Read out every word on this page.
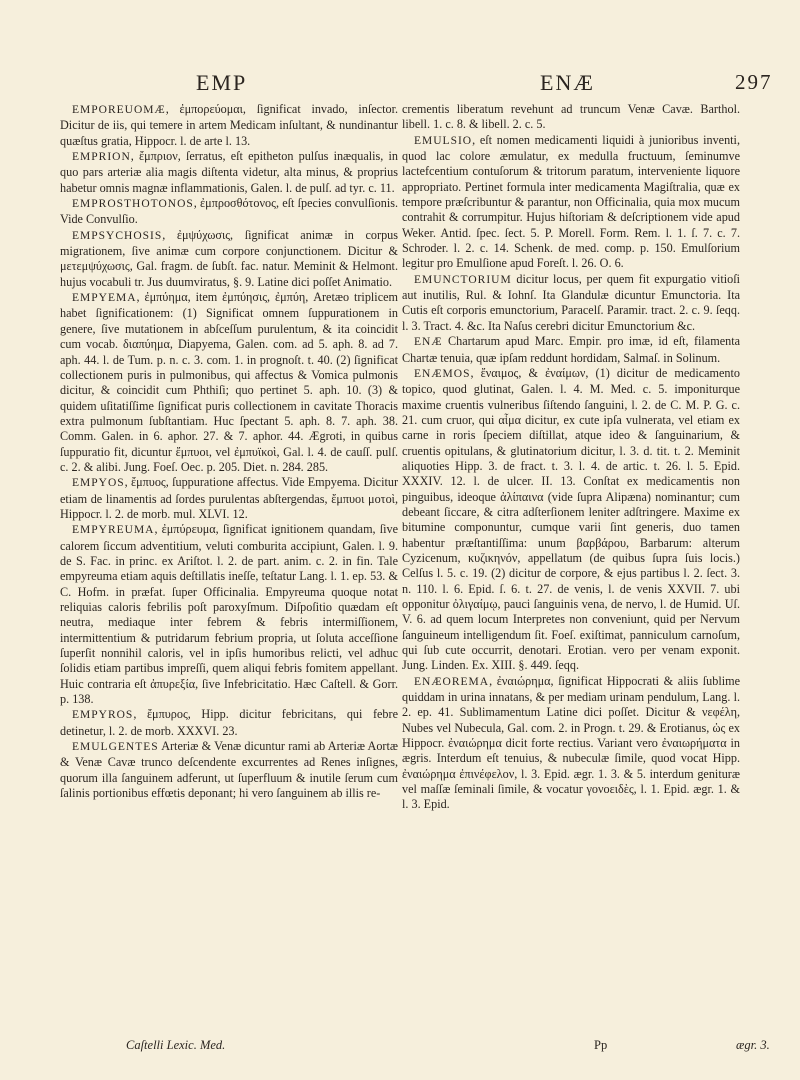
EMP	ENÆ	297

EMPOREUOMÆ, ἐμπορεύομαι, ſignificat invado, inſector. Dicitur de iis, qui temere in artem Medicam inſultant, & nundinantur quæſtus gratia, Hippocr. l. de arte l. 13.

EMPRION, ἔμπριον, ſerratus, eſt epitheton pulſus inæqualis, in quo pars arteriæ alia magis diſtenta videtur, alta minus, & proprius habetur omnis magnæ inflammationis, Galen. l. de pulſ. ad tyr. c. 11.

EMPROSTHOTONOS, ἐμπροσθότονος, eſt ſpecies convulſionis. Vide Convulſio.

EMPSYCHOSIS, ἐμψύχωσις, ſignificat animæ in corpus migrationem, ſive animæ cum corpore conjunctionem. Dicitur & μετεμψύχωσις, Gal. fragm. de ſubſt. fac. natur. Meminit & Helmont. hujus vocabuli tr. Jus duumviratus, §. 9. Latine dici poſſet Animatio.

EMPYEMA, ἐμπύημα, item ἐμπύησις, ἐμπύη, Aretæo triplicem habet ſignificationem: (1) Significat omnem ſuppurationem in genere, ſive mutationem in abſceſſum purulentum, & ita coincidit cum vocab. διαπύημα, Diapyema, Galen. com. ad 5. aph. 8. ad 7. aph. 44. l. de Tum. p. n. c. 3. com. 1. in prognoſt. t. 40. (2) ſignificat collectionem puris in pulmonibus, qui affectus & Vomica pulmonis dicitur, & coincidit cum Phthiſi; quo pertinet 5. aph. 10. (3) & quidem uſitatiſſime ſignificat puris collectionem in cavitate Thoracis extra pulmonum ſubſtantiam. Huc ſpectant 5. aph. 8. 7. aph. 38. Comm. Galen. in 6. aphor. 27. & 7. aphor. 44. Ægroti, in quibus ſuppuratio fit, dicuntur ἔμπυοι, vel ἐμπυϊκοὶ, Gal. l. 4. de cauſſ. pulſ. c. 2. & alibi. Jung. Foeſ. Oec. p. 205. Diet. n. 284. 285.

EMPYOS, ἔμπυος, ſuppuratione affectus. Vide Empyema. Dicitur etiam de linamentis ad ſordes purulentas abſtergendas, ἔμπυοι μοτοὶ, Hippocr. l. 2. de morb. mul. XLVI. 12.

EMPYREUMA, ἐμπύρευμα, ſignificat ignitionem quandam, ſive calorem ſiccum adventitium, veluti comburita accipiunt, Galen. l. 9. de S. Fac. in princ. ex Ariſtot. l. 2. de part. anim. c. 2. in fin. Tale empyreuma etiam aquis deſtillatis ineſſe, teſtatur Lang. l. 1. ep. 53. & C. Hofm. in præfat. ſuper Officinalia. Empyreuma quoque notat reliquias caloris febrilis poſt paroxyſmum. Diſpoſitio quædam eſt neutra, mediaque inter febrem & febris intermiſſionem, intermittentium & putridarum febrium propria, ut ſoluta acceſſione ſuperſit nonnihil caloris, vel in ipſis humoribus relicti, vel adhuc ſolidis etiam partibus impreſſi, quem aliqui febris fomitem appellant. Huic contraria eſt ἀπυρεξία, ſive Infebricitatio. Hæc Caſtell. & Gorr. p. 138.

EMPYROS, ἔμπυρος, Hipp. dicitur febricitans, qui febre detinetur, l. 2. de morb. XXXVI. 23.

EMULGENTES Arteriæ & Venæ dicuntur rami ab Arteriæ Aortæ & Venæ Cavæ trunco deſcendente excurrentes ad Renes inſignes, quorum illa ſanguinem adferunt, ut ſuperfluum & inutile ſerum cum ſalinis portionibus effœtis deponant; hi vero ſanguinem ab illis re-

crementis liberatum revehunt ad truncum Venæ Cavæ. Barthol. libell. 1. c. 8. & libell. 2. c. 5.

EMULSIO, eſt nomen medicamenti liquidi à junioribus inventi, quod lac colore æmulatur, ex medulla fructuum, ſeminumve lactefcentium contuſorum & tritorum paratum, interveniente liquore appropriato. Pertinet formula inter medicamenta Magiſtralia, quæ ex tempore præſcribuntur & parantur, non Officinalia, quia mox mucum contrahit & corrumpitur. Hujus hiſtoriam & deſcriptionem vide apud Weker. Antid. ſpec. ſect. 5. P. Morell. Form. Rem. l. 1. ſ. 7. c. 7. Schroder. l. 2. c. 14. Schenk. de med. comp. p. 150. Emulſorium legitur pro Emulſione apud Foreſt. l. 26. O. 6.

EMUNCTORIUM dicitur locus, per quem fit expurgatio vitioſi aut inutilis, Rul. & Iohnſ. Ita Glandulæ dicuntur Emunctoria. Ita Cutis eſt corporis emunctorium, Paracelſ. Paramir. tract. 2. c. 9. ſeqq. l. 3. Tract. 4. &c. Ita Naſus cerebri dicitur Emunctorium &c.

ENÆ Chartarum apud Marc. Empir. pro imæ, id eſt, filamenta Chartæ tenuia, quæ ipſam reddunt hordidam, Salmaſ. in Solinum.

ENÆMOS, ἔναιμος, & ἐναίμων, (1) dicitur de medicamento topico, quod glutinat, Galen. l. 4. M. Med. c. 5. imponiturque maxime cruentis vulneribus ſiſtendo ſanguini, l. 2. de C. M. P. G. c. 21. cum cruor, qui αἷμα dicitur, ex cute ipſa vulnerata, vel etiam ex carne in roris ſpeciem diſtillat, atque ideo & ſanguinarium, & cruentis opitulans, & glutinatorium dicitur, l. 3. d. tit. t. 2. Meminit aliquoties Hipp. 3. de fract. t. 3. l. 4. de artic. t. 26. l. 5. Epid. XXXIV. 12. l. de ulcer. II. 13. Conſtat ex medicamentis non pinguibus, ideoque ἀλίπαινα (vide ſupra Alipæna) nominantur; cum debeant ſiccare, & citra adſterſionem leniter adſtringere. Maxime ex bitumine componuntur, cumque varii ſint generis, duo tamen habentur præſtantiſſima: unum βαρβάρου, Barbarum: alterum Cyzicenum, κυζικηνόν, appellatum (de quibus ſupra ſuis locis.) Celſus l. 5. c. 19. (2) dicitur de corpore, & ejus partibus l. 2. ſect. 3. n. 110. l. 6. Epid. ſ. 6. t. 27. de venis, l. de venis XXVII. 7. ubi opponitur ὀλιγαίμῳ, pauci ſanguinis vena, de nervo, l. de Humid. Uſ. V. 6. ad quem locum Interpretes non conveniunt, quid per Nervum ſanguineum intelligendum ſit. Foeſ. exiſtimat, panniculum carnoſum, qui ſub cute occurrit, denotari. Erotian. vero per venam exponit. Jung. Linden. Ex. XIII. §. 449. ſeqq.

ENÆOREMA, ἐναιώρημα, ſignificat Hippocrati & aliis ſublime quiddam in urina innatans, & per mediam urinam pendulum, Lang. l. 2. ep. 41. Sublimamentum Latine dici poſſet. Dicitur & νεφέλη, Nubes vel Nubecula, Gal. com. 2. in Progn. t. 29. & Erotianus, ὡς ex Hippocr. ἐναιώρημα dicit forte rectius. Variant vero ἐναιωρήματα in ægris. Interdum eſt tenuius, & nubeculæ ſimile, quod vocat Hipp. ἐναιώρημα ἐπινέφελον, l. 3. Epid. ægr. 1. 3. & 5. interdum genituræ vel maſſæ ſeminali ſimile, & vocatur γονοειδὲς, l. 1. Epid. ægr. 1. & l. 3. Epid.

Caſtelli Lexic. Med.	Pp	ægr. 3.
